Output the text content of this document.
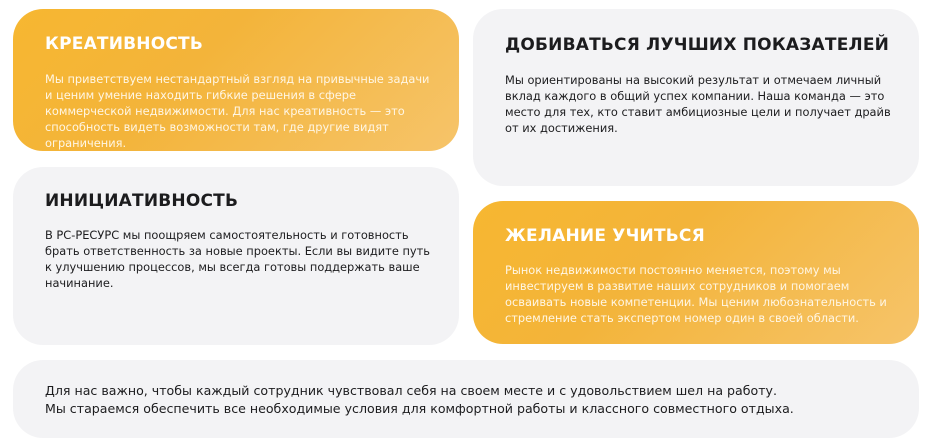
КРЕАТИВНОСТЬ

Мы приветствуем нестандартный взгляд на привычные задачи и ценим умение находить гибкие решения в сфере коммерческой недвижимости. Для нас креативность — это способность видеть возможности там, где другие видят ограничения.

ДОБИВАТЬСЯ ЛУЧШИХ ПОКАЗАТЕЛЕЙ

Мы ориентированы на высокий результат и отмечаем личный вклад каждого в общий успех компании. Наша команда — это место для тех, кто ставит амбициозные цели и получает драйв от их достижения.

ИНИЦИАТИВНОСТЬ

В РС-РЕСУРС мы поощряем самостоятельность и готовность брать ответственность за новые проекты. Если вы видите путь к улучшению процессов, мы всегда готовы поддержать ваше начинание.

ЖЕЛАНИЕ УЧИТЬСЯ

Рынок недвижимости постоянно меняется, поэтому мы инвестируем в развитие наших сотрудников и помогаем осваивать новые компетенции. Мы ценим любознательность и стремление стать экспертом номер один в своей области.

Для нас важно, чтобы каждый сотрудник чувствовал себя на своем месте и с удовольствием шел на работу.
Мы стараемся обеспечить все необходимые условия для комфортной работы и классного совместного отдыха.
